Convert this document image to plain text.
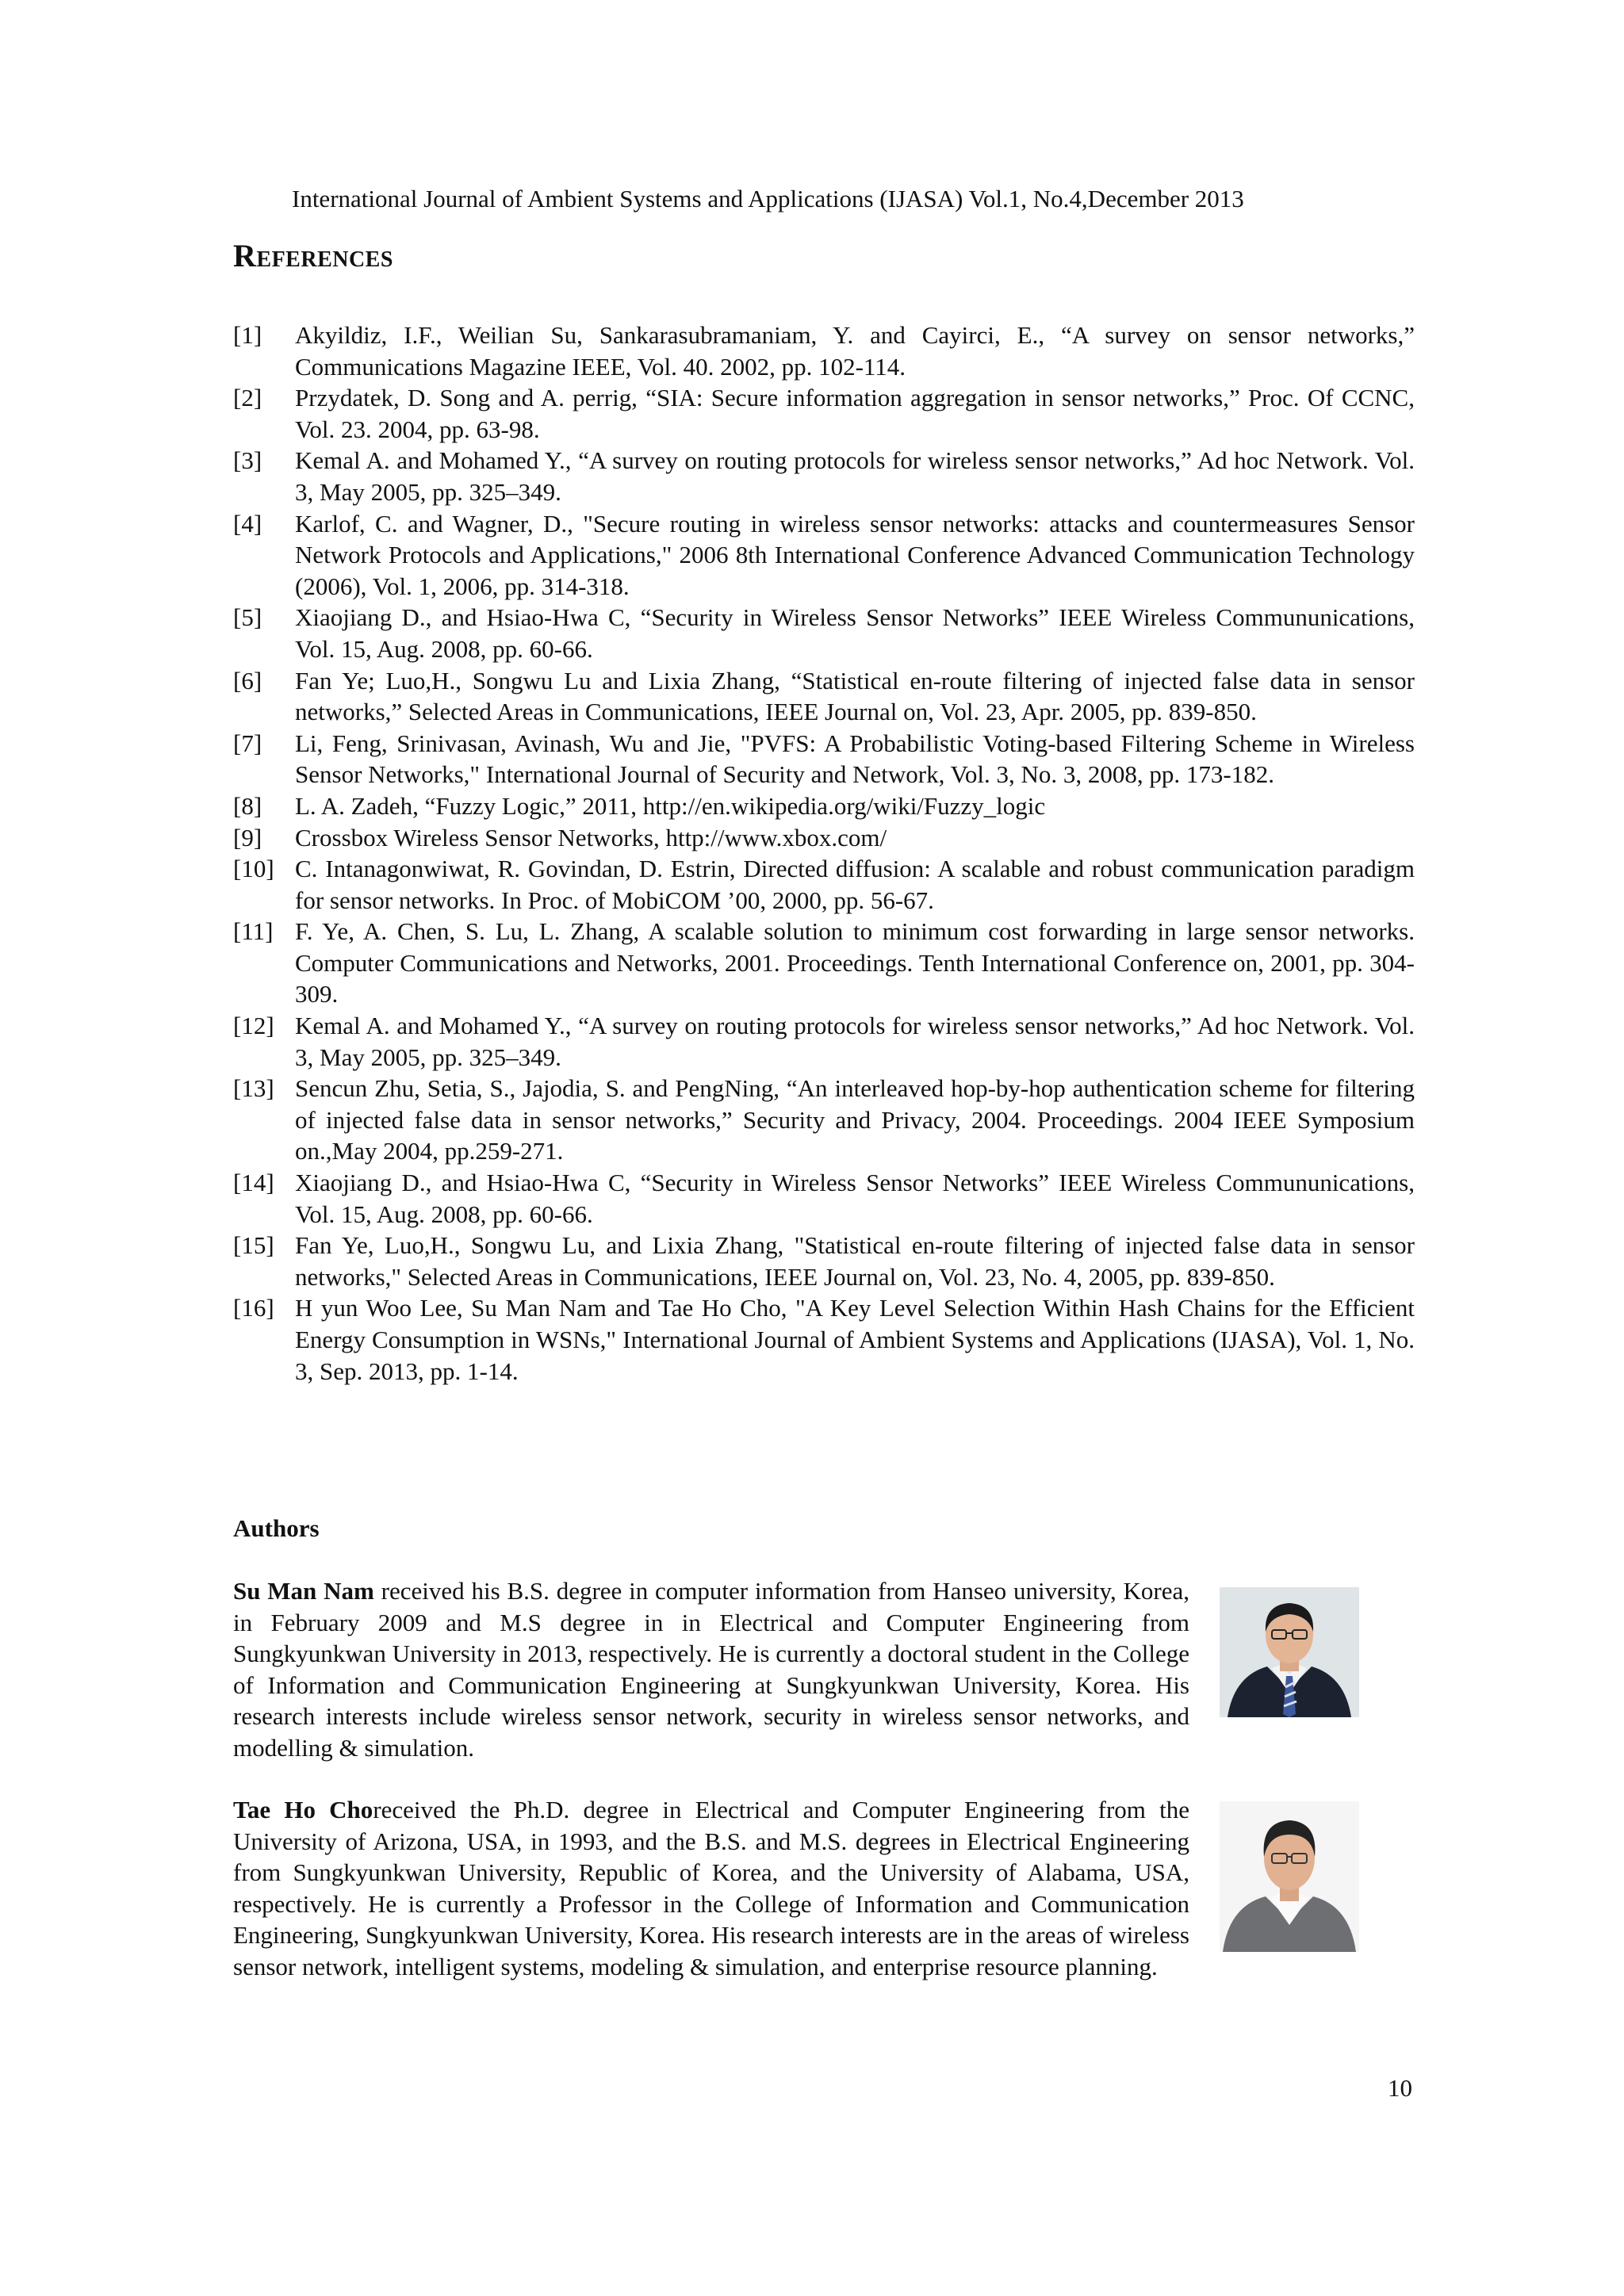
International Journal of Ambient Systems and Applications (IJASA) Vol.1, No.4,December 2013
References
[1]	Akyildiz, I.F., Weilian Su, Sankarasubramaniam, Y. and Cayirci, E., “A survey on sensor networks,” Communications Magazine IEEE, Vol. 40. 2002, pp. 102-114.
[2]	Przydatek, D. Song and A. perrig, “SIA: Secure information aggregation in sensor networks,” Proc. Of CCNC, Vol. 23. 2004, pp. 63-98.
[3]	Kemal A. and Mohamed Y., “A survey on routing protocols for wireless sensor networks,” Ad hoc Network. Vol. 3, May 2005, pp. 325–349.
[4]	Karlof, C. and Wagner, D., "Secure routing in wireless sensor networks: attacks and countermeasures Sensor Network Protocols and Applications," 2006 8th International Conference Advanced Communication Technology (2006), Vol. 1, 2006, pp. 314-318.
[5]	Xiaojiang D., and Hsiao-Hwa C, “Security in Wireless Sensor Networks” IEEE Wireless Commununications, Vol. 15, Aug. 2008, pp. 60-66.
[6]	Fan Ye; Luo,H., Songwu Lu and Lixia Zhang, “Statistical en-route filtering of injected false data in sensor networks,” Selected Areas in Communications, IEEE Journal on, Vol. 23, Apr. 2005, pp. 839-850.
[7]	Li, Feng, Srinivasan, Avinash, Wu and Jie, "PVFS: A Probabilistic Voting-based Filtering Scheme in Wireless Sensor Networks," International Journal of Security and Network, Vol. 3, No. 3, 2008, pp. 173-182.
[8]	L. A. Zadeh, “Fuzzy Logic,” 2011, http://en.wikipedia.org/wiki/Fuzzy_logic
[9]	Crossbox Wireless Sensor Networks, http://www.xbox.com/
[10] C. Intanagonwiwat, R. Govindan, D. Estrin, Directed diffusion: A scalable and robust communication paradigm for sensor networks. In Proc. of MobiCOM ’00, 2000, pp. 56-67.
[11] F. Ye, A. Chen, S. Lu, L. Zhang, A scalable solution to minimum cost forwarding in large sensor networks. Computer Communications and Networks, 2001. Proceedings. Tenth International Conference on, 2001, pp. 304-309.
[12] Kemal A. and Mohamed Y., “A survey on routing protocols for wireless sensor networks,” Ad hoc Network. Vol. 3, May 2005, pp. 325–349.
[13] Sencun Zhu, Setia, S., Jajodia, S. and PengNing, “An interleaved hop-by-hop authentication scheme for filtering of injected false data in sensor networks,” Security and Privacy, 2004. Proceedings. 2004 IEEE Symposium on.,May 2004, pp.259-271.
[14] Xiaojiang D., and Hsiao-Hwa C, “Security in Wireless Sensor Networks” IEEE Wireless Commununications, Vol. 15, Aug. 2008, pp. 60-66.
[15] Fan Ye, Luo,H., Songwu Lu, and Lixia Zhang, "Statistical en-route filtering of injected false data in sensor networks," Selected Areas in Communications, IEEE Journal on, Vol. 23, No. 4, 2005, pp. 839-850.
[16] H yun Woo Lee, Su Man Nam and Tae Ho Cho, "A Key Level Selection Within Hash Chains for the Efficient Energy Consumption in WSNs," International Journal of Ambient Systems and Applications (IJASA), Vol. 1, No. 3, Sep. 2013, pp. 1-14.
Authors
Su Man Nam received his B.S. degree in computer information from Hanseo university, Korea, in February 2009 and M.S degree in in Electrical and Computer Engineering from Sungkyunkwan University in 2013, respectively. He is currently a doctoral student in the College of Information and Communication Engineering at Sungkyunkwan University, Korea. His research interests include wireless sensor network, security in wireless sensor networks, and modelling & simulation.
Tae Ho Choreceived the Ph.D. degree in Electrical and Computer Engineering from the University of Arizona, USA, in 1993, and the B.S. and M.S. degrees in Electrical Engineering from Sungkyunkwan University, Republic of Korea, and the University of Alabama, USA, respectively. He is currently a Professor in the College of Information and Communication Engineering, Sungkyunkwan University, Korea. His research interests are in the areas of wireless sensor network, intelligent systems, modeling & simulation, and enterprise resource planning.
10
